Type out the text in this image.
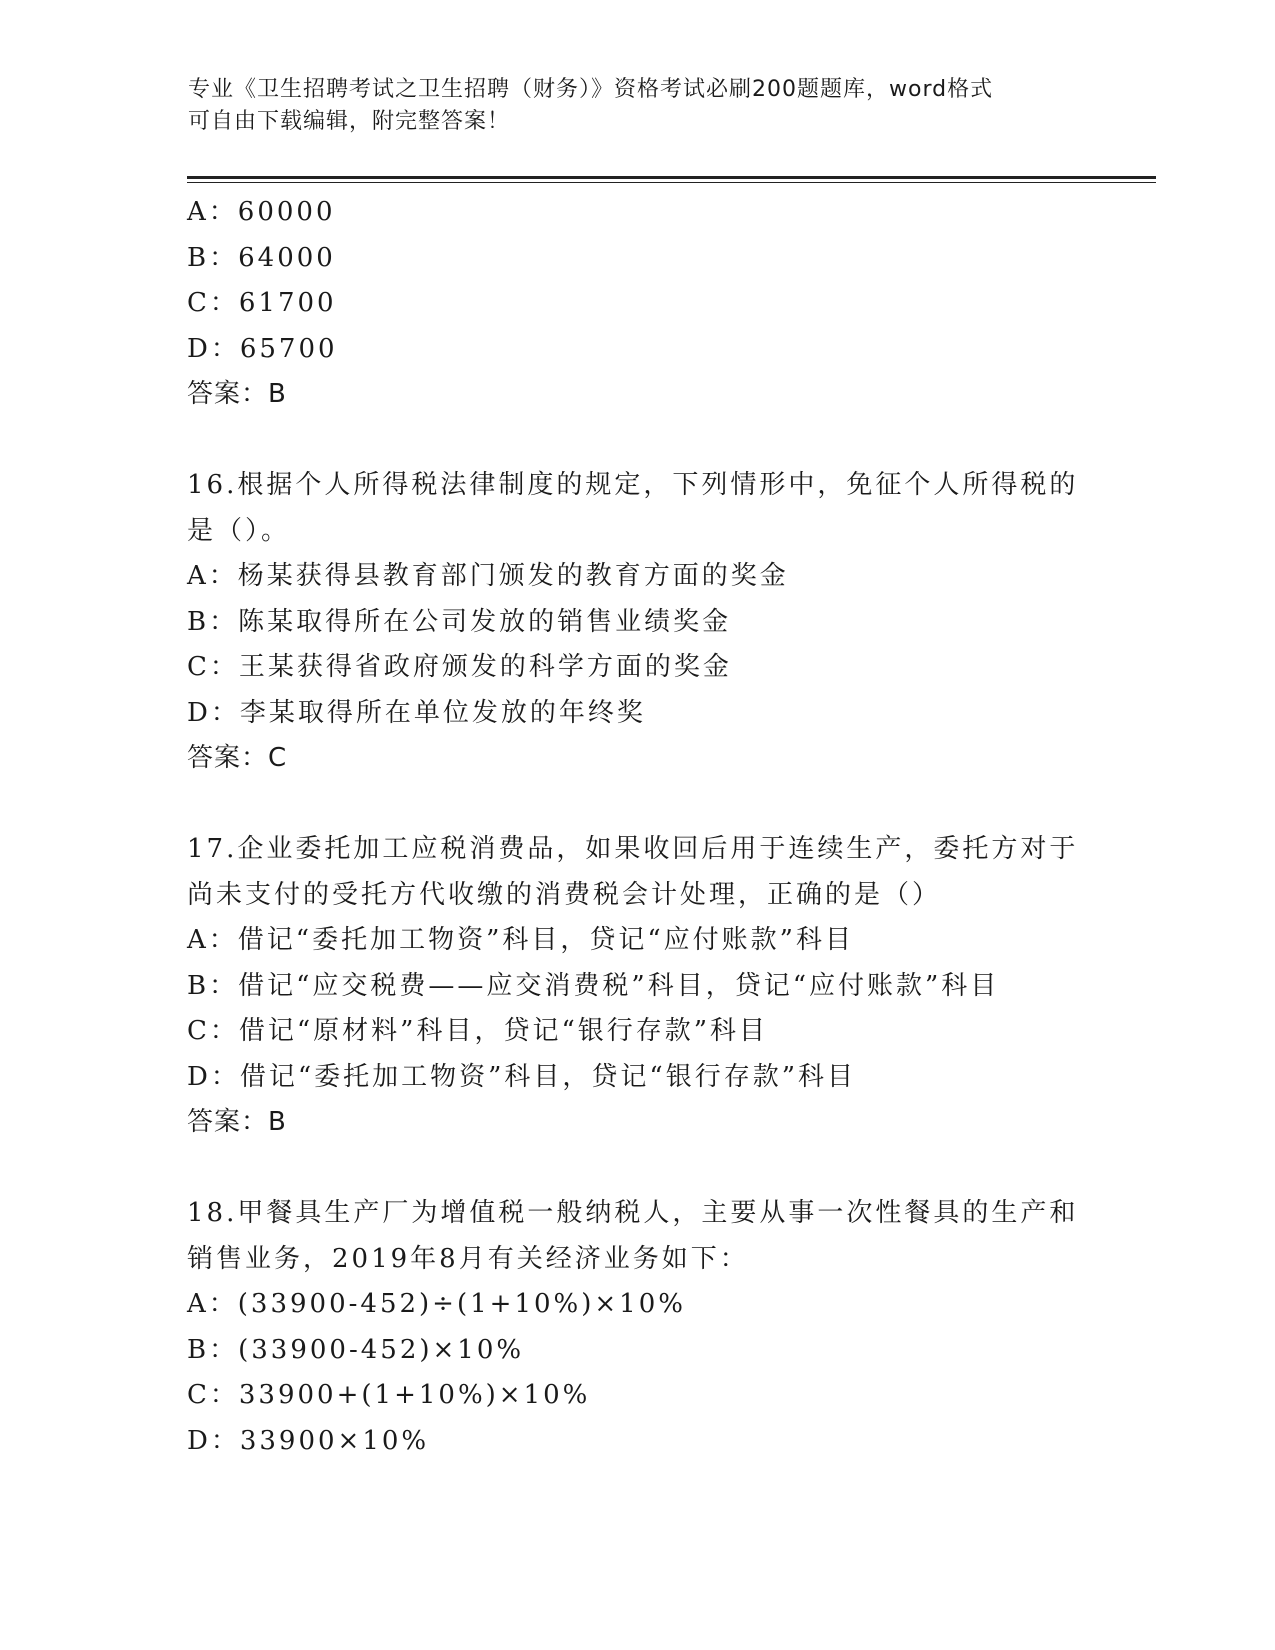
专业《卫生招聘考试之卫生招聘（财务）》资格考试必刷200题题库，word格式
可自由下载编辑，附完整答案！
A：60000
B：64000
C：61700
D：65700
答案：B
16.根据个人所得税法律制度的规定，下列情形中，免征个人所得税的
是（）。
A：杨某获得县教育部门颁发的教育方面的奖金
B：陈某取得所在公司发放的销售业绩奖金
C：王某获得省政府颁发的科学方面的奖金
D：李某取得所在单位发放的年终奖
答案：C
17.企业委托加工应税消费品，如果收回后用于连续生产，委托方对于
尚未支付的受托方代收缴的消费税会计处理，正确的是（）
A：借记“委托加工物资”科目，贷记“应付账款”科目
B：借记“应交税费——应交消费税”科目，贷记“应付账款”科目
C：借记“原材料”科目，贷记“银行存款”科目
D：借记“委托加工物资”科目，贷记“银行存款”科目
答案：B
18.甲餐具生产厂为增值税一般纳税人，主要从事一次性餐具的生产和
销售业务，2019年8月有关经济业务如下：
A：(33900-452)÷(1+10%)×10%
B：(33900-452)×10%
C：33900+(1+10%)×10%
D：33900×10%
